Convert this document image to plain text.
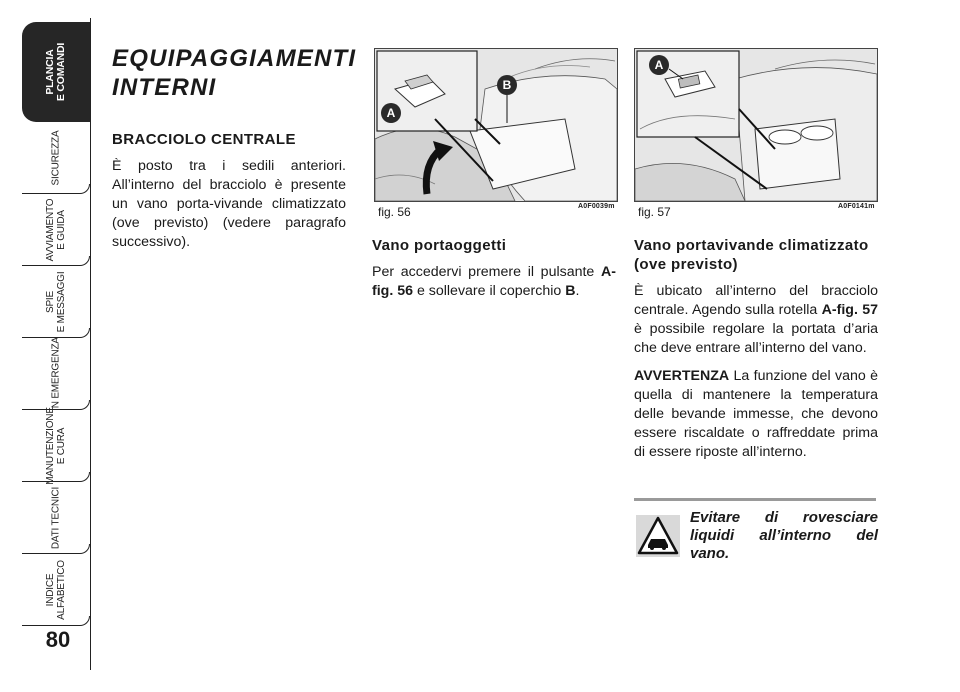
PLANCIA
E COMANDI
SICUREZZA
AVVIAMENTO
E GUIDA
SPIE
E MESSAGGI
IN EMERGENZA
MANUTENZIONE
E CURA
DATI TECNICI
INDICE
ALFABETICO
80
EQUIPAGGIAMENTI
INTERNI
BRACCIOLO CENTRALE

È posto tra i sedili anteriori. All’interno del bracciolo è presente un vano porta-vivande climatizzato (ove previsto) (vedere paragrafo successivo).

A
B
fig. 56	A0F0039m
A
fig. 57	A0F0141m
Vano portaoggetti

Per accedervi premere il pulsante A-fig. 56 e sollevare il coperchio B.

Vano portavivande climatizzato (ove previsto)

È ubicato all’interno del bracciolo centrale. Agendo sulla rotella A-fig. 57 è possibile regolare la portata d’aria che deve entrare all’interno del vano.

AVVERTENZA La funzione del vano è quella di mantenere la temperatura delle bevande immesse, che devono essere riscaldate o raffreddate prima di essere riposte all’interno.

Evitare di rovesciare liquidi all’interno del vano.
